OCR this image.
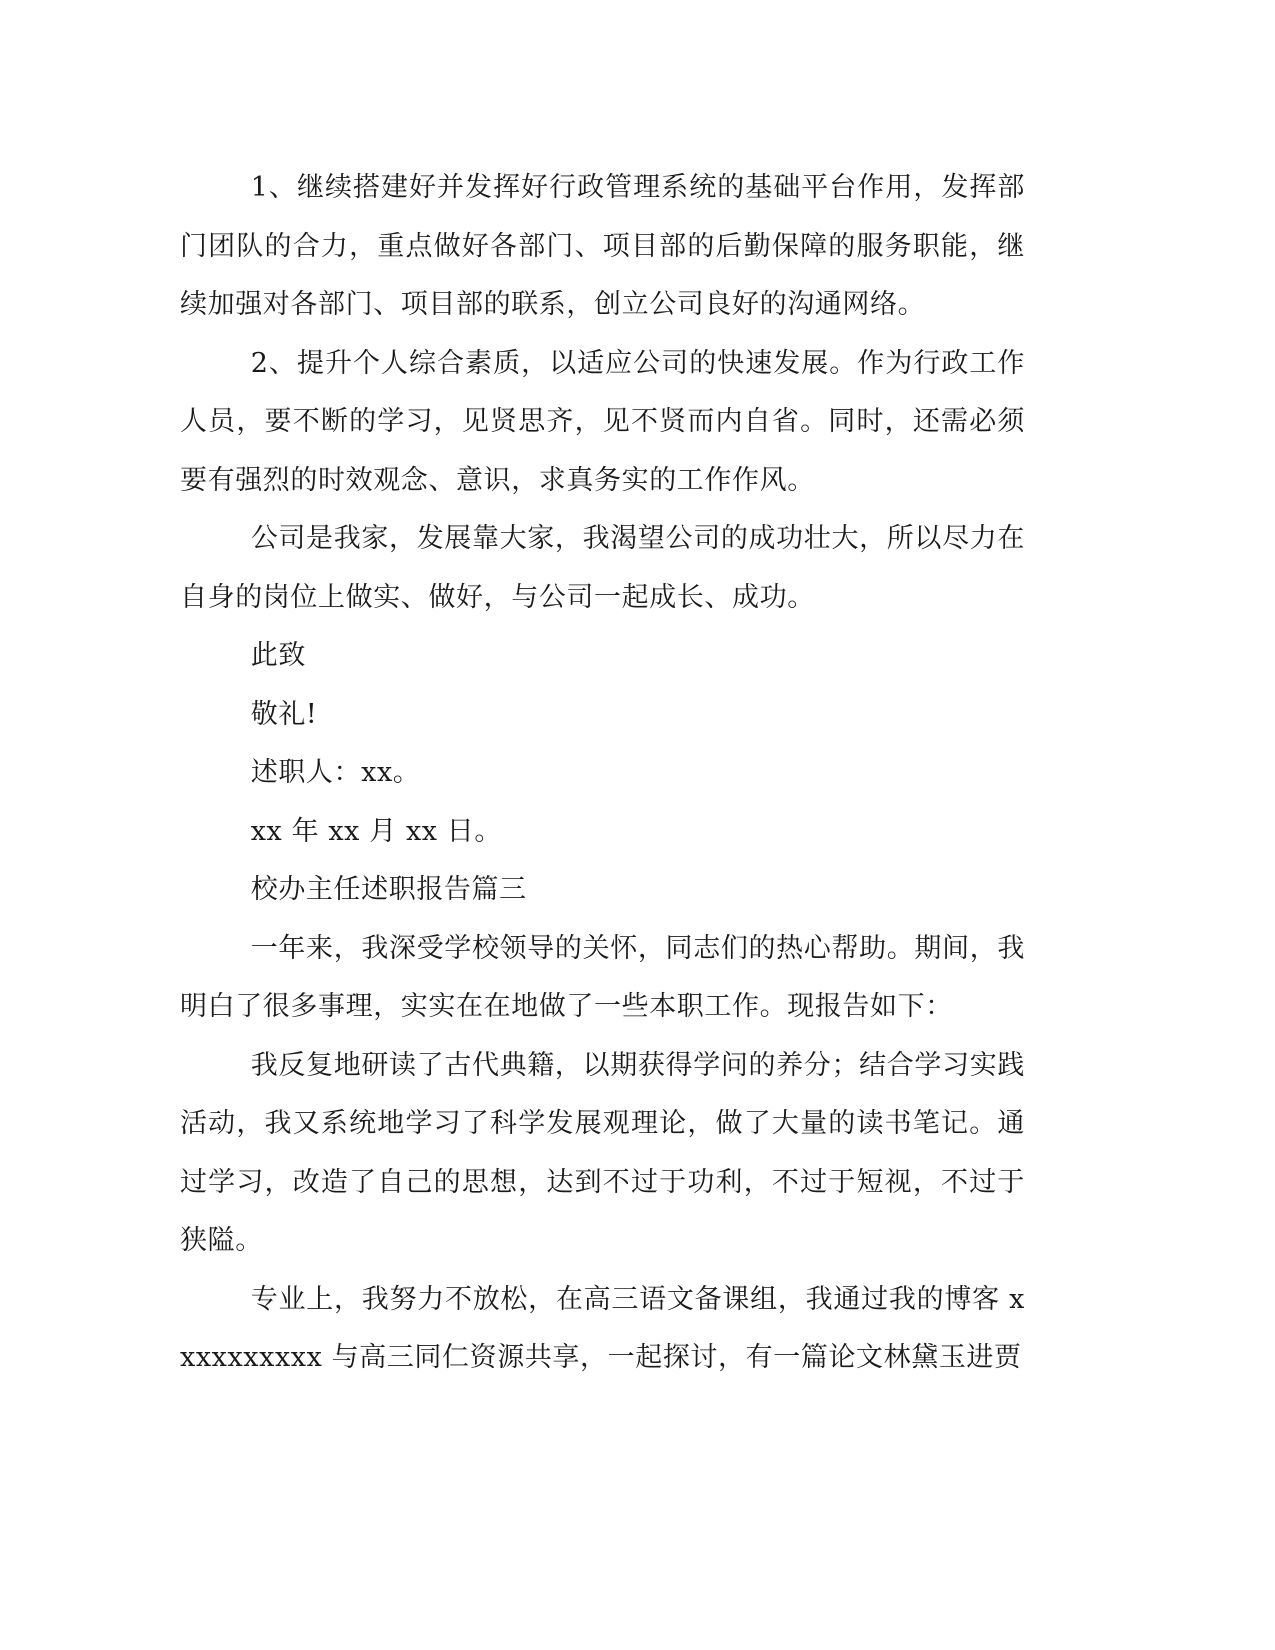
1、继续搭建好并发挥好行政管理系统的基础平台作用，发挥部门团队的合力，重点做好各部门、项目部的后勤保障的服务职能，继续加强对各部门、项目部的联系，创立公司良好的沟通网络。

2、提升个人综合素质，以适应公司的快速发展。作为行政工作人员，要不断的学习，见贤思齐，见不贤而内自省。同时，还需必须要有强烈的时效观念、意识，求真务实的工作作风。

公司是我家，发展靠大家，我渴望公司的成功壮大，所以尽力在自身的岗位上做实、做好，与公司一起成长、成功。

此致

敬礼!

述职人：xx。

xx 年 xx 月 xx 日。

校办主任述职报告篇三

一年来，我深受学校领导的关怀，同志们的热心帮助。期间，我明白了很多事理，实实在在地做了一些本职工作。现报告如下：

我反复地研读了古代典籍，以期获得学问的养分；结合学习实践活动，我又系统地学习了科学发展观理论，做了大量的读书笔记。通过学习，改造了自己的思想，达到不过于功利，不过于短视，不过于狭隘。

专业上，我努力不放松，在高三语文备课组，我通过我的博客 xxxxxxxxxx 与高三同仁资源共享，一起探讨，有一篇论文林黛玉进贾
